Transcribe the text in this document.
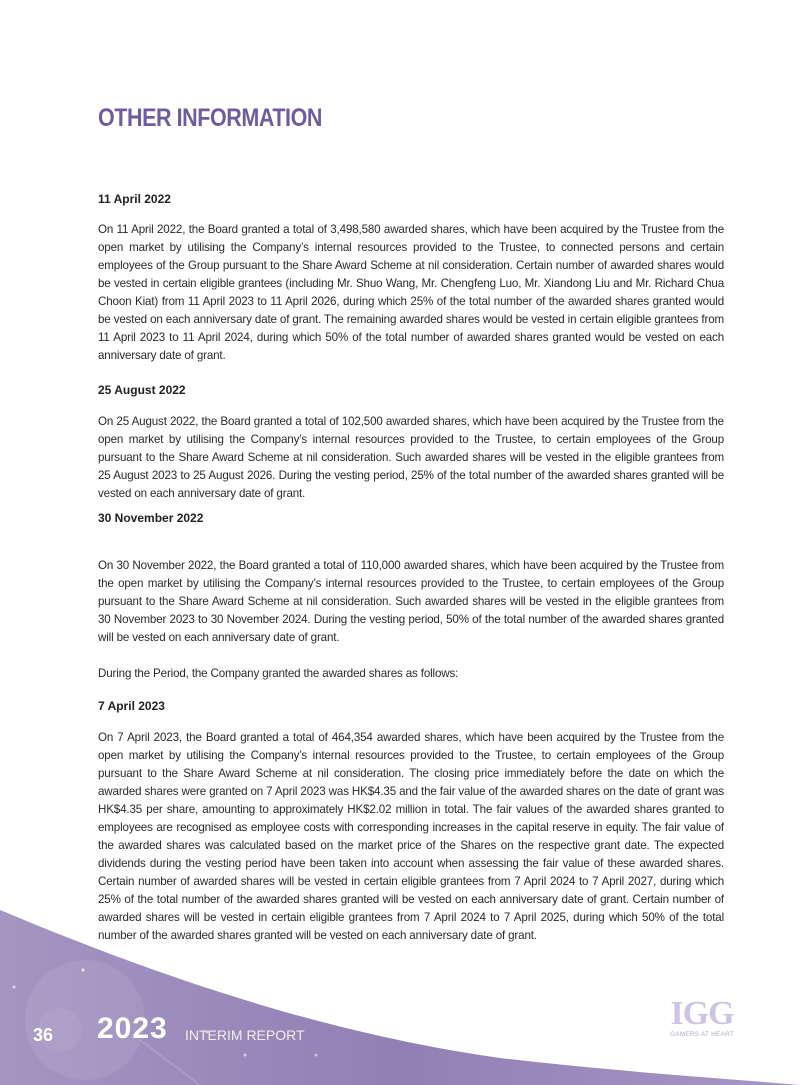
OTHER INFORMATION
11 April 2022
On 11 April 2022, the Board granted a total of 3,498,580 awarded shares, which have been acquired by the Trustee from the open market by utilising the Company’s internal resources provided to the Trustee, to connected persons and certain employees of the Group pursuant to the Share Award Scheme at nil consideration. Certain number of awarded shares would be vested in certain eligible grantees (including Mr. Shuo Wang, Mr. Chengfeng Luo, Mr. Xiandong Liu and Mr. Richard Chua Choon Kiat) from 11 April 2023 to 11 April 2026, during which 25% of the total number of the awarded shares granted would be vested on each anniversary date of grant. The remaining awarded shares would be vested in certain eligible grantees from 11 April 2023 to 11 April 2024, during which 50% of the total number of awarded shares granted would be vested on each anniversary date of grant.
25 August 2022
On 25 August 2022, the Board granted a total of 102,500 awarded shares, which have been acquired by the Trustee from the open market by utilising the Company’s internal resources provided to the Trustee, to certain employees of the Group pursuant to the Share Award Scheme at nil consideration. Such awarded shares will be vested in the eligible grantees from 25 August 2023 to 25 August 2026. During the vesting period, 25% of the total number of the awarded shares granted will be vested on each anniversary date of grant.
30 November 2022
On 30 November 2022, the Board granted a total of 110,000 awarded shares, which have been acquired by the Trustee from the open market by utilising the Company’s internal resources provided to the Trustee, to certain employees of the Group pursuant to the Share Award Scheme at nil consideration. Such awarded shares will be vested in the eligible grantees from 30 November 2023 to 30 November 2024. During the vesting period, 50% of the total number of the awarded shares granted will be vested on each anniversary date of grant.
During the Period, the Company granted the awarded shares as follows:
7 April 2023
On 7 April 2023, the Board granted a total of 464,354 awarded shares, which have been acquired by the Trustee from the open market by utilising the Company’s internal resources provided to the Trustee, to certain employees of the Group pursuant to the Share Award Scheme at nil consideration. The closing price immediately before the date on which the awarded shares were granted on 7 April 2023 was HK$4.35 and the fair value of the awarded shares on the date of grant was HK$4.35 per share, amounting to approximately HK$2.02 million in total. The fair values of the awarded shares granted to employees are recognised as employee costs with corresponding increases in the capital reserve in equity. The fair value of the awarded shares was calculated based on the market price of the Shares on the respective grant date. The expected dividends during the vesting period have been taken into account when assessing the fair value of these awarded shares. Certain number of awarded shares will be vested in certain eligible grantees from 7 April 2024 to 7 April 2027, during which 25% of the total number of the awarded shares granted will be vested on each anniversary date of grant. Certain number of awarded shares will be vested in certain eligible grantees from 7 April 2024 to 7 April 2025, during which 50% of the total number of the awarded shares granted will be vested on each anniversary date of grant.
36 2023 INTERIM REPORT
IGG
GAMERS AT HEART
